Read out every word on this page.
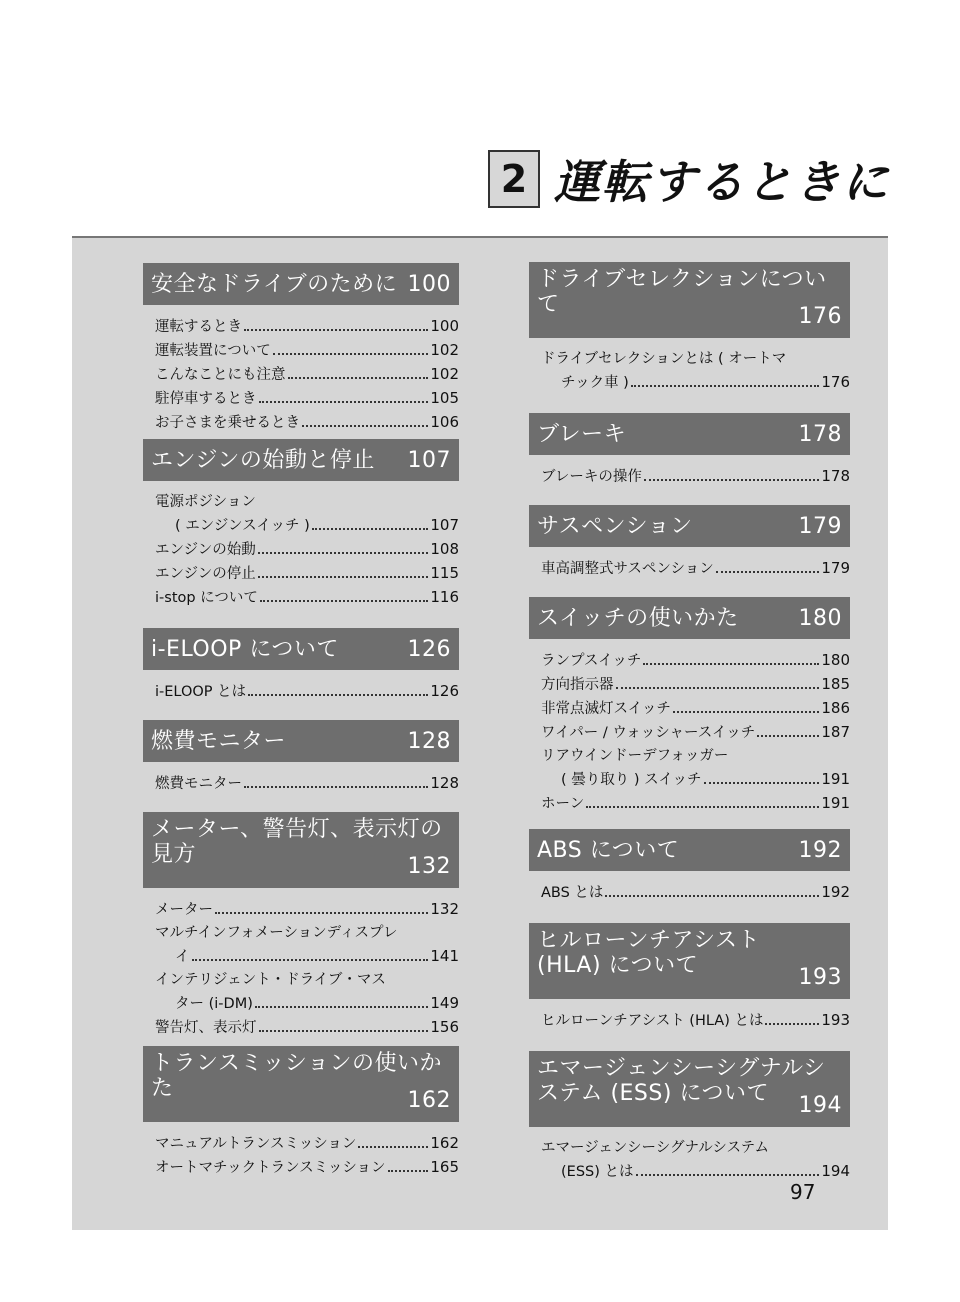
2 運転するときに
安全なドライブのために 100
運転するとき	100
運転装置について	102
こんなことにも注意	102
駐停車するとき	105
お子さまを乗せるとき	106
エンジンの始動と停止 107
電源ポジション
( エンジンスイッチ )	107
エンジンの始動	108
エンジンの停止	115
i-stop について	116
i-ELOOP について	126
i-ELOOP とは	126
燃費モニター	128
燃費モニター	128
メーター、警告灯、表示灯の
見方
132
メーター	132
マルチインフォメーションディスプレ
イ	141
インテリジェント・ドライブ・マス
ター (i-DM)	149
警告灯、表示灯	156
トランスミッションの使いか
た
162
マニュアルトランスミッション	162
オートマチックトランスミッション	165
ドライブセレクションについ
て
176
ドライブセレクションとは ( オートマ
チック車 )	176
ブレーキ	178
ブレーキの操作	178
サスペンション	179
車高調整式サスペンション	179
スイッチの使いかた	180
ランプスイッチ	180
方向指示器	185
非常点滅灯スイッチ	186
ワイパー / ウォッシャースイッチ	187
リアウインドーデフォッガー
( 曇り取り ) スイッチ	191
ホーン	191
ABS について	192
ABS とは	192
ヒルローンチアシスト
(HLA) について
193
ヒルローンチアシスト (HLA) とは	193
エマージェンシーシグナルシ
ステム (ESS) について
194
エマージェンシーシグナルシステム
(ESS) とは	194
97
